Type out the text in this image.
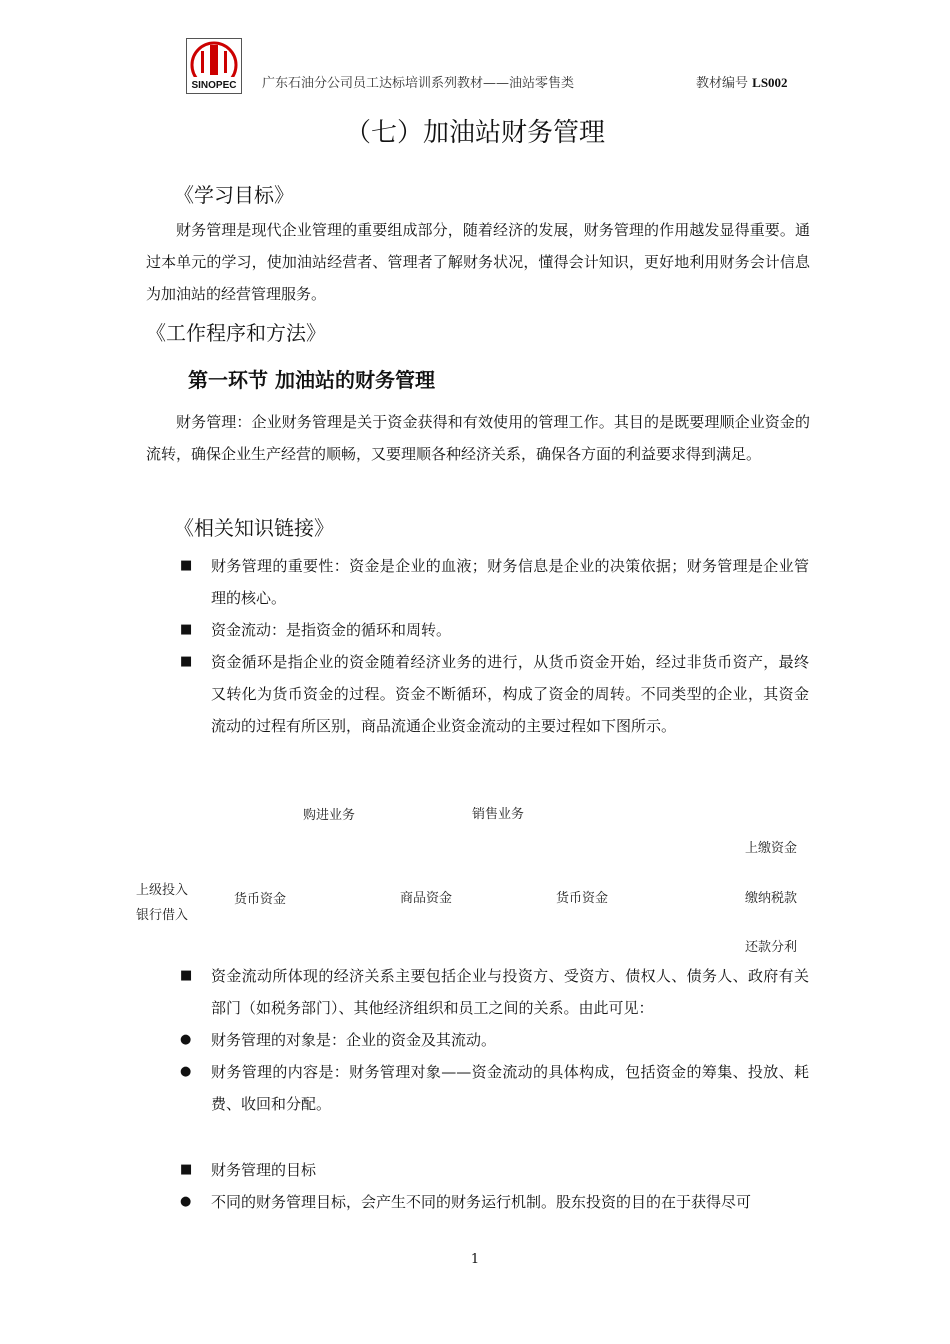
SINOPEC 广东石油分公司员工达标培训系列教材——油站零售类	教材编号 LS002
（七）加油站财务管理
《学习目标》
财务管理是现代企业管理的重要组成部分，随着经济的发展，财务管理的作用越发显得重要。通过本单元的学习，使加油站经营者、管理者了解财务状况，懂得会计知识，更好地利用财务会计信息为加油站的经营管理服务。
《工作程序和方法》
第一环节 加油站的财务管理
财务管理：企业财务管理是关于资金获得和有效使用的管理工作。其目的是既要理顺企业资金的流转，确保企业生产经营的顺畅，又要理顺各种经济关系，确保各方面的利益要求得到满足。
《相关知识链接》
■ 财务管理的重要性：资金是企业的血液；财务信息是企业的决策依据；财务管理是企业管理的核心。
■ 资金流动：是指资金的循环和周转。
■ 资金循环是指企业的资金随着经济业务的进行，从货币资金开始，经过非货币资产，最终又转化为货币资金的过程。资金不断循环，构成了资金的周转。不同类型的企业，其资金流动的过程有所区别，商品流通企业资金流动的主要过程如下图所示。
购进业务	销售业务
上缴资金
上级投入
银行借入
货币资金	商品资金	货币资金	缴纳税款
还款分利
■ 资金流动所体现的经济关系主要包括企业与投资方、受资方、债权人、债务人、政府有关部门（如税务部门）、其他经济组织和员工之间的关系。由此可见：
● 财务管理的对象是：企业的资金及其流动。
● 财务管理的内容是：财务管理对象——资金流动的具体构成，包括资金的筹集、投放、耗费、收回和分配。
■ 财务管理的目标
● 不同的财务管理目标，会产生不同的财务运行机制。股东投资的目的在于获得尽可
1
